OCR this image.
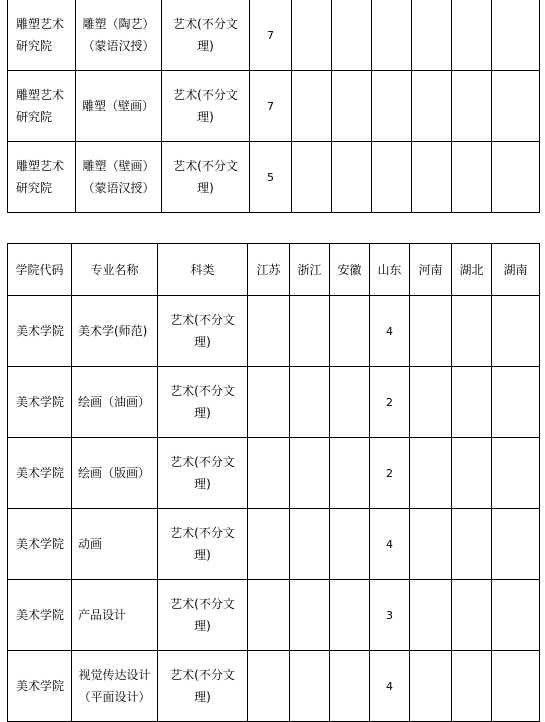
雕塑艺术研究院	雕塑（陶艺）（蒙语汉授）	艺术(不分文理)	7						
雕塑艺术研究院	雕塑（壁画）	艺术(不分文理)	7						
雕塑艺术研究院	雕塑（壁画）（蒙语汉授）	艺术(不分文理)	5						
学院代码	专业名称	科类	江苏	浙江	安徽	山东	河南	湖北	湖南
美术学院	美术学(师范)	艺术(不分文理)				4			
美术学院	绘画（油画）	艺术(不分文理)				2			
美术学院	绘画（版画）	艺术(不分文理)				2			
美术学院	动画	艺术(不分文理)				4			
美术学院	产品设计	艺术(不分文理)				3			
美术学院	视觉传达设计（平面设计）	艺术(不分文理)				4			
